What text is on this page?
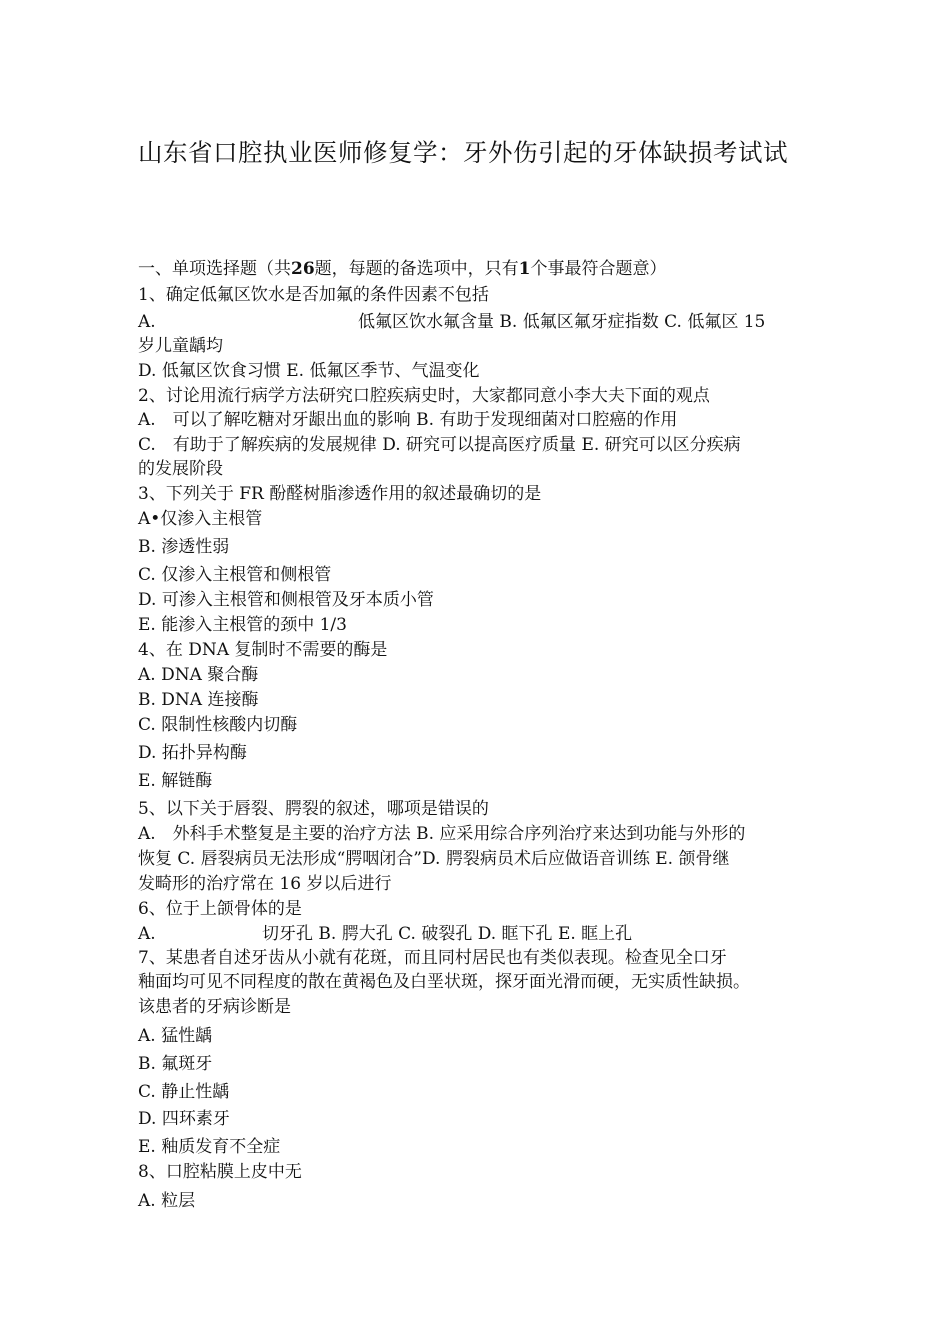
山东省口腔执业医师修复学：牙外伤引起的牙体缺损考试试
一、单项选择题（共26题，每题的备选项中，只有1个事最符合题意）
1、确定低氟区饮水是否加氟的条件因素不包括
A.	低氟区饮水氟含量 B. 低氟区氟牙症指数 C. 低氟区 15
岁儿童龋均
D. 低氟区饮食习惯 E. 低氟区季节、气温变化
2、讨论用流行病学方法研究口腔疾病史时，大家都同意小李大夫下面的观点
A.　可以了解吃糖对牙龈出血的影响 B. 有助于发现细菌对口腔癌的作用
C.　有助于了解疾病的发展规律 D. 研究可以提高医疗质量 E. 研究可以区分疾病
的发展阶段
3、下列关于 FR 酚醛树脂渗透作用的叙述最确切的是
A•仅渗入主根管
B. 渗透性弱
C. 仅渗入主根管和侧根管
D. 可渗入主根管和侧根管及牙本质小管
E. 能渗入主根管的颈中 1/3
4、在 DNA 复制时不需要的酶是
A. DNA 聚合酶
B. DNA 连接酶
C. 限制性核酸内切酶
D. 拓扑异构酶
E. 解链酶
5、以下关于唇裂、腭裂的叙述，哪项是错误的
A.　外科手术整复是主要的治疗方法 B. 应采用综合序列治疗来达到功能与外形的
恢复 C. 唇裂病员无法形成“腭咽闭合”D. 腭裂病员术后应做语音训练 E. 颌骨继
发畸形的治疗常在 16 岁以后进行
6、位于上颌骨体的是
A.	切牙孔 B. 腭大孔 C. 破裂孔 D. 眶下孔 E. 眶上孔
7、某患者自述牙齿从小就有花斑，而且同村居民也有类似表现。检查见全口牙
釉面均可见不同程度的散在黄褐色及白垩状斑，探牙面光滑而硬，无实质性缺损。
该患者的牙病诊断是
A. 猛性龋
B. 氟斑牙
C. 静止性龋
D. 四环素牙
E. 釉质发育不全症
8、口腔粘膜上皮中无
A. 粒层
